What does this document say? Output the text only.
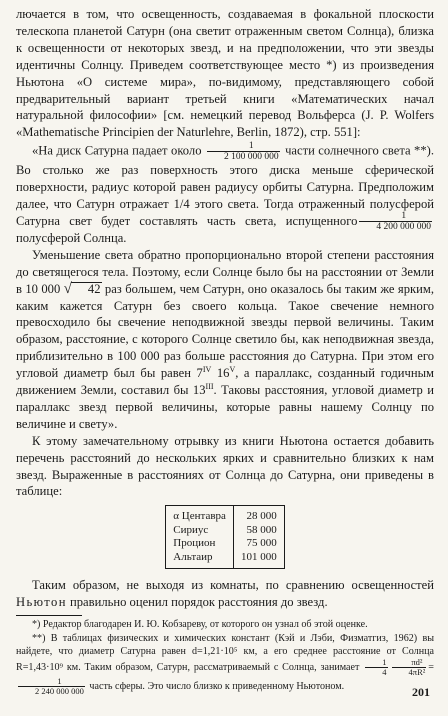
лючается в том, что освещенность, создаваемая в фокальной плоскости телескопа планетой Сатурн (она светит отраженным светом Солнца), близка к освещенности от некоторых звезд, и на предположении, что эти звезды идентичны Солнцу. Приведем соответствующее место *) из произведения Ньютона «О системе мира», по-видимому, представляющего собой предварительный вариант третьей книги «Математических начал натуральной философии» [см. немецкий перевод Вольферса (J. P. Wolfers «Mathematische Principien der Naturlehre, Berlin, 1872), стр. 551]:

«На диск Сатурна падает около $\frac{1}{2 100 000 000}$ части солнечного света **). Во столько же раз поверхность этого диска меньше сферической поверхности, радиус которой равен радиусу орбиты Сатурна. Предположим далее, что Сатурн отражает 1/4 этого света. Тогда отраженный полусферой Сатурна свет будет составлять	$\frac{1}{4 200 000 000}$
часть света, испущенного полусферой Солнца.

Уменьшение света обратно пропорционально второй степени расстояния до светящегося тела. Поэтому, если Солнце было бы на расстоянии от Земли в 10 000 √ 42 раз большем, чем Сатурн, оно оказалось бы таким же ярким, каким кажется Сатурн без своего кольца. Такое свечение немного превосходило бы свечение неподвижной звезды первой величины. Таким образом, расстояние, с которого Солнце светило бы, как неподвижная звезда, приблизительно в 100 000 раз больше расстояния до Сатурна. При этом его угловой диаметр был бы равен $7^{IV}$ $16^V$, а параллакс, созданный годичным движением Земли, составил бы $13^{III}$. Таковы расстояния, угловой диаметр и параллакс звезд первой величины, которые равны нашему Солнцу по величине и свету».

К этому замечательному отрывку из книги Ньютона остается добавить перечень расстояний до нескольких ярких и сравнительно близких к нам звезд. Выраженные в расстояниях от Солнца до Сатурна, они приведены в таблице:

α Центавра	28 000
Сириус	58 000
Процион	75 000
Альтаир	101 000

Таким образом, не выходя из комнаты, по сравнению освещенностей Ньютон правильно оценил порядок расстояния до звезд.

*) Редактор благодарен И. Ю. Кобзареву, от которого он узнал об этой оценке.

**) В таблицах физических и химических констант (Кэй и Лэби, Физматгиз, 1962) вы найдете, что диаметр Сатурна равен d=1,21·10⁵ км, а его среднее расстояние от Солнца R=1,43·10⁹ км. Таким образом, Сатурн, рассматриваемый с Солнца, занимает $\frac{1}{4} \frac{\text{πd²}}{\text{4πR²}}$ =
$\frac{1}{2 240 000 000}$ часть сферы. Это число близко к приведенному Ньютоном.	201
